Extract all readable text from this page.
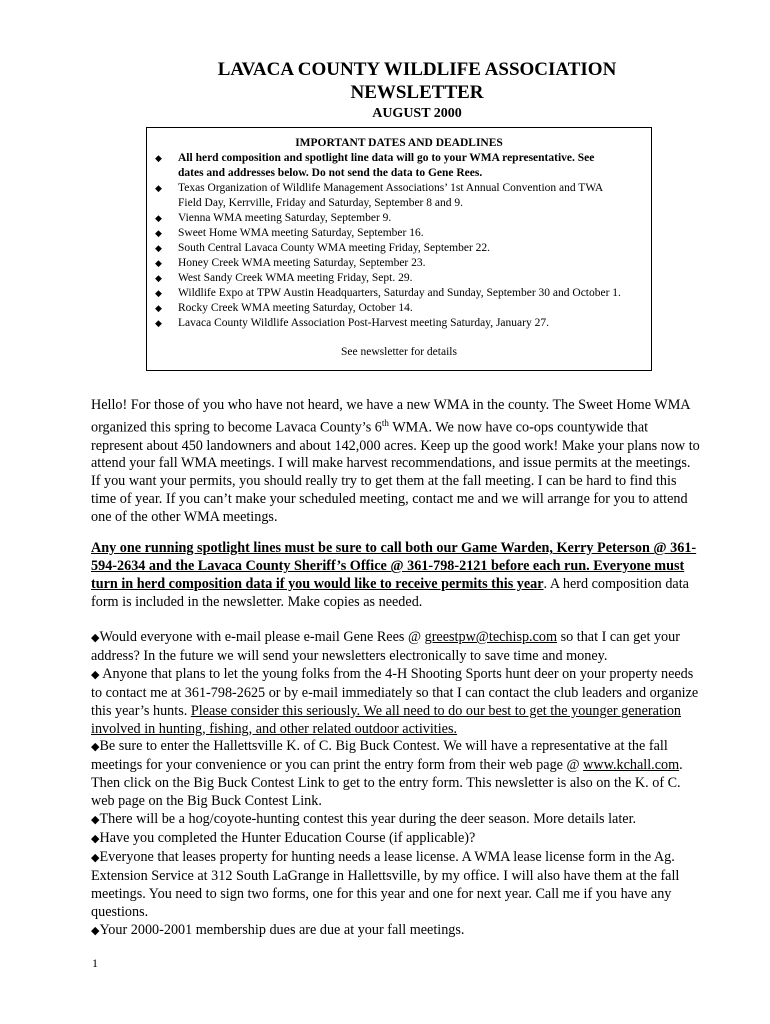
LAVACA COUNTY WILDLIFE ASSOCIATION
NEWSLETTER
AUGUST 2000
IMPORTANT DATES AND DEADLINES
◆ All herd composition and spotlight line data will go to your WMA representative. See dates and addresses below. Do not send the data to Gene Rees.
◆ Texas Organization of Wildlife Management Associations’ 1st Annual Convention and TWA Field Day, Kerrville, Friday and Saturday, September 8 and 9.
◆ Vienna WMA meeting Saturday, September 9.
◆ Sweet Home WMA meeting Saturday, September 16.
◆ South Central Lavaca County WMA meeting Friday, September 22.
◆ Honey Creek WMA meeting Saturday, September 23.
◆ West Sandy Creek WMA meeting Friday, Sept. 29.
◆ Wildlife Expo at TPW Austin Headquarters, Saturday and Sunday, September 30 and October 1.
◆ Rocky Creek WMA meeting Saturday, October 14.
◆ Lavaca County Wildlife Association Post-Harvest meeting Saturday, January 27.
See newsletter for details
Hello! For those of you who have not heard, we have a new WMA in the county. The Sweet Home WMA organized this spring to become Lavaca County’s 6th WMA. We now have co-ops countywide that represent about 450 landowners and about 142,000 acres. Keep up the good work! Make your plans now to attend your fall WMA meetings. I will make harvest recommendations, and issue permits at the meetings. If you want your permits, you should really try to get them at the fall meeting. I can be hard to find this time of year. If you can’t make your scheduled meeting, contact me and we will arrange for you to attend one of the other WMA meetings.
Any one running spotlight lines must be sure to call both our Game Warden, Kerry Peterson @ 361-594-2634 and the Lavaca County Sheriff’s Office @ 361-798-2121 before each run. Everyone must turn in herd composition data if you would like to receive permits this year. A herd composition data form is included in the newsletter. Make copies as needed.
◆Would everyone with e-mail please e-mail Gene Rees @ greestpw@techisp.com so that I can get your address? In the future we will send your newsletters electronically to save time and money.
◆ Anyone that plans to let the young folks from the 4-H Shooting Sports hunt deer on your property needs to contact me at 361-798-2625 or by e-mail immediately so that I can contact the club leaders and organize this year’s hunts. Please consider this seriously. We all need to do our best to get the younger generation involved in hunting, fishing, and other related outdoor activities.
◆Be sure to enter the Hallettsville K. of C. Big Buck Contest. We will have a representative at the fall meetings for your convenience or you can print the entry form from their web page @ www.kchall.com. Then click on the Big Buck Contest Link to get to the entry form. This newsletter is also on the K. of C. web page on the Big Buck Contest Link.
◆There will be a hog/coyote-hunting contest this year during the deer season. More details later.
◆Have you completed the Hunter Education Course (if applicable)?
◆Everyone that leases property for hunting needs a lease license. A WMA lease license form in the Ag. Extension Service at 312 South LaGrange in Hallettsville, by my office. I will also have them at the fall meetings. You need to sign two forms, one for this year and one for next year. Call me if you have any questions.
◆Your 2000-2001 membership dues are due at your fall meetings.
1
